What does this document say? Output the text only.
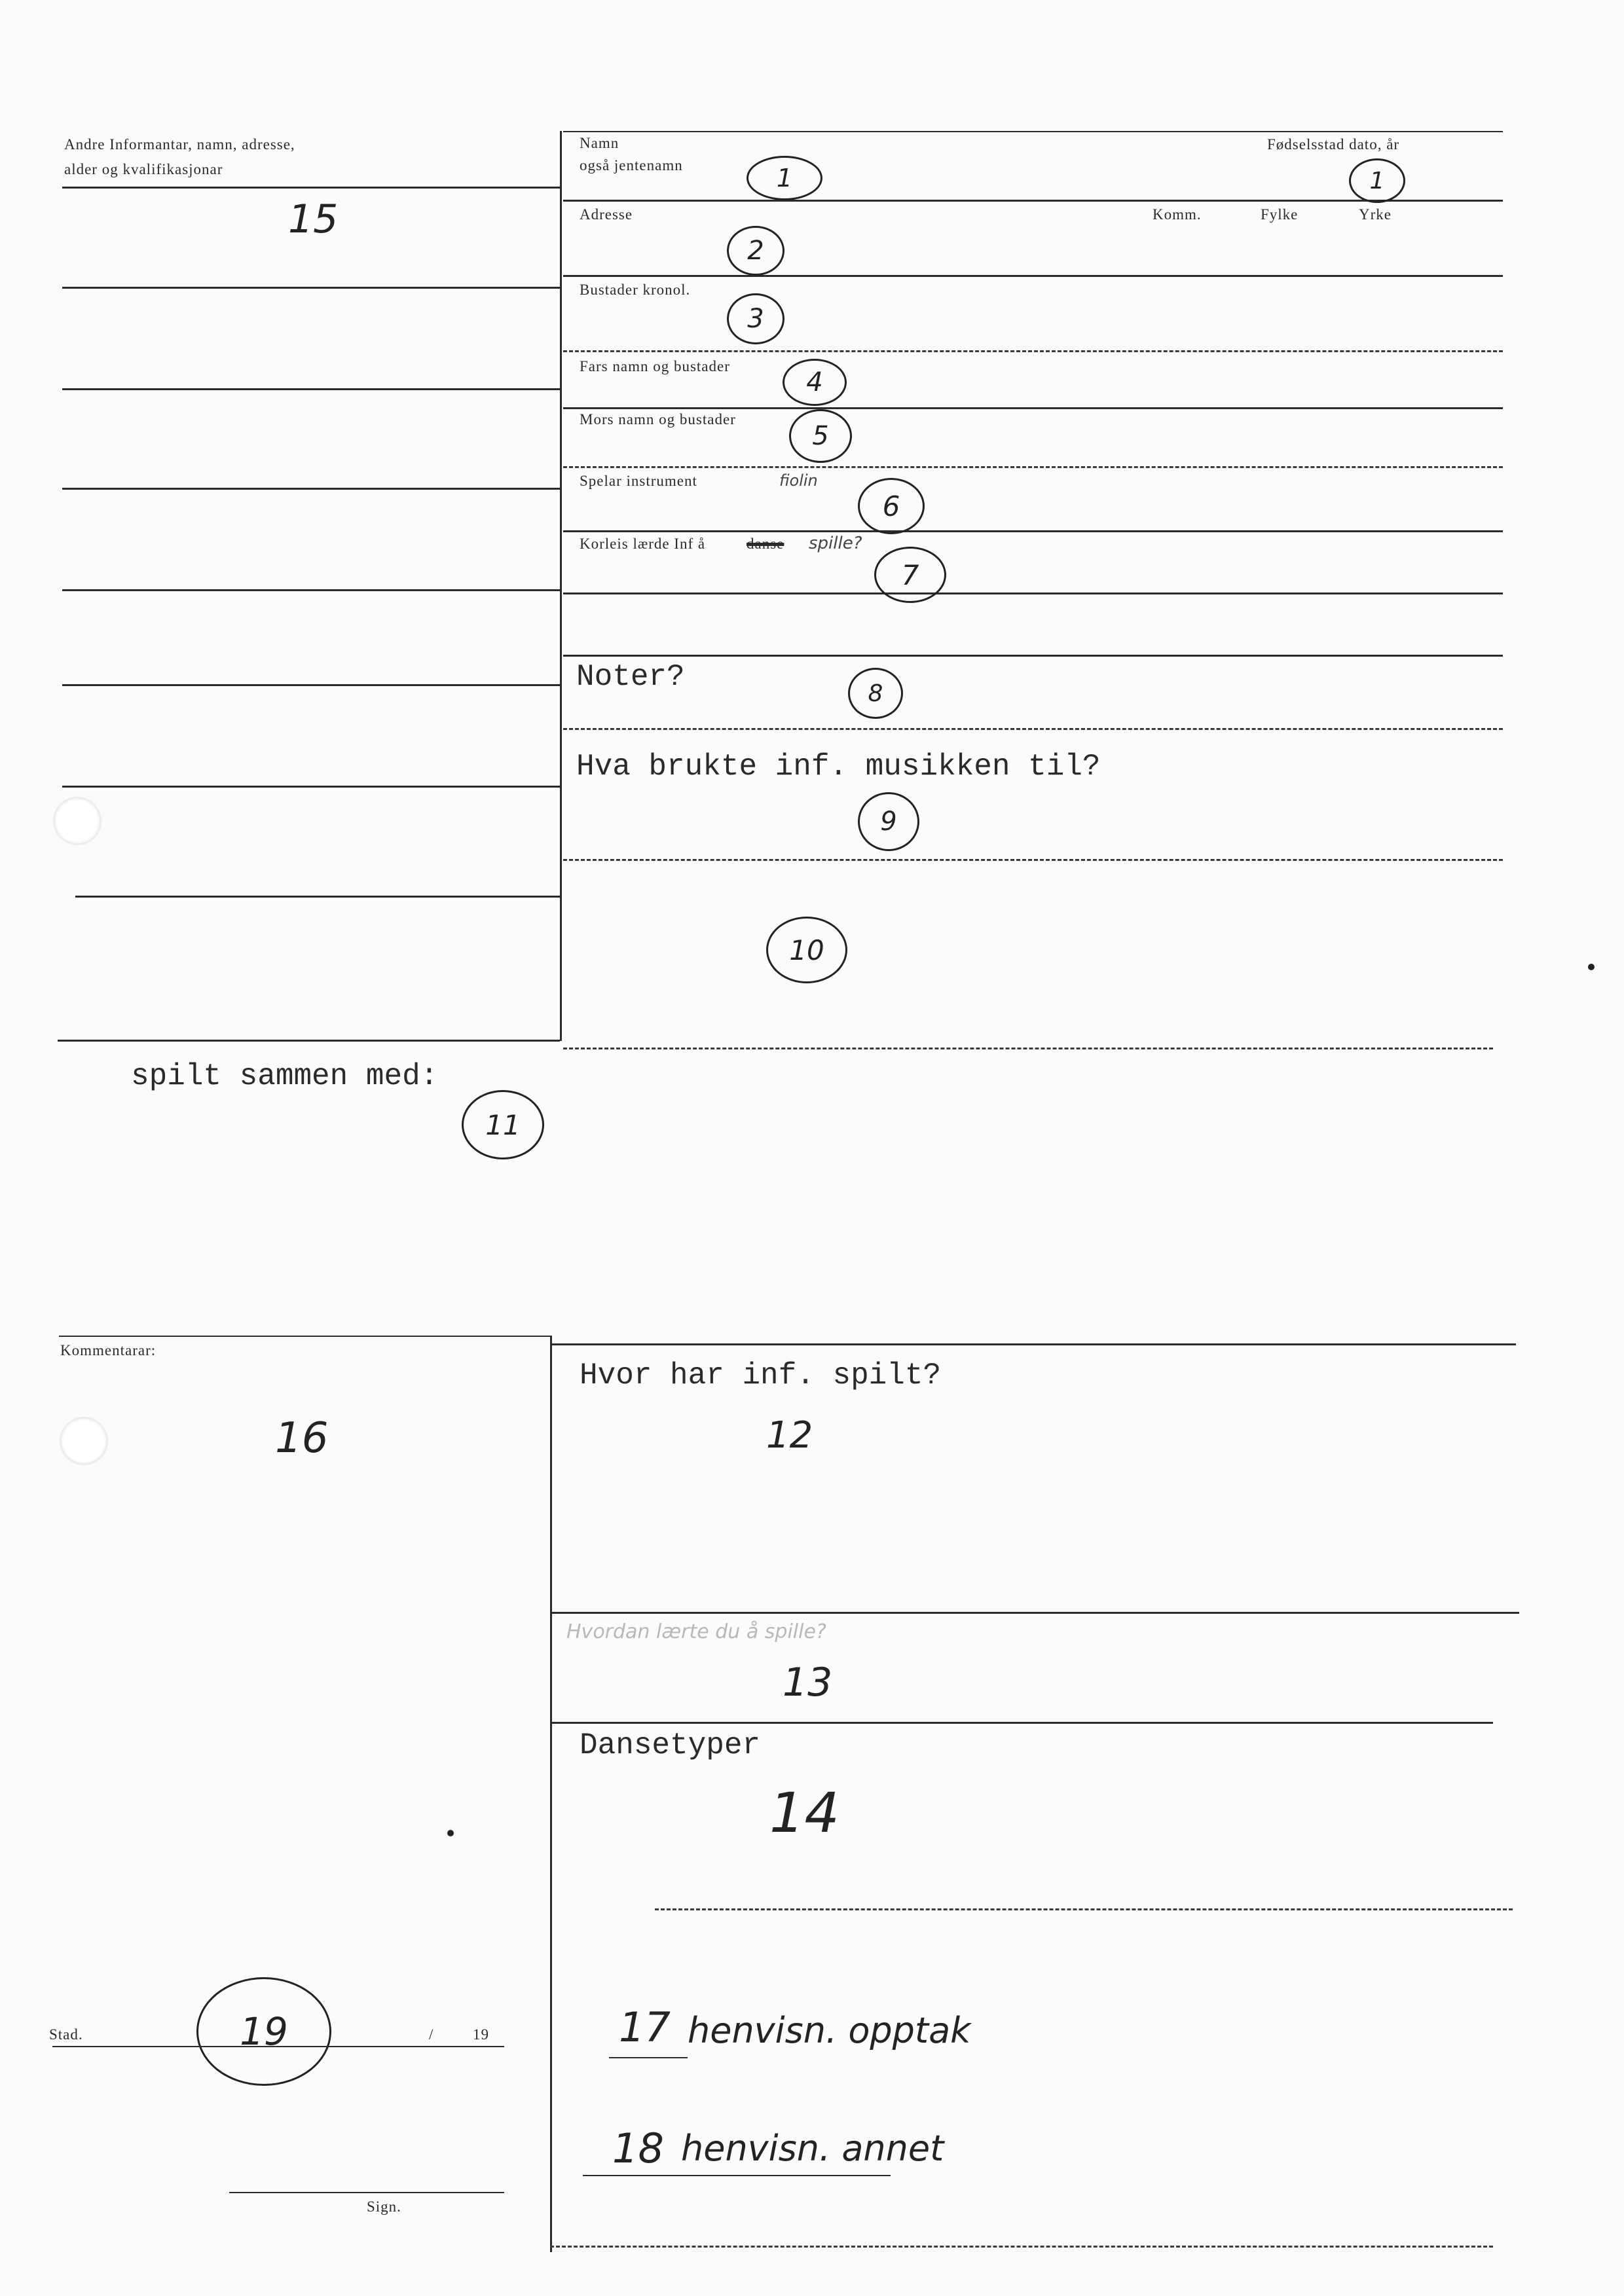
Andre Informantar, namn, adresse,
alder og kvalifikasjonar
15
Namn
også jentenamn
Fødselsstad dato, år
Adresse	Komm.	Fylke	Yrke
Bustader kronol.
Fars namn og bustader
Mors namn og bustader
Spelar instrument	fiolin
Korleis lærde Inf å	danse spille?
Noter?
Hva brukte inf. musikken til?
1	1
2
3
4
5
6
7
8
9
10
spilt sammen med:
11
Kommentarar:
16
Stad.	19	/	19
Sign.
Hvor har inf. spilt?
12
Hvordan lærte du å spille?
13
Dansetyper
14
17 henvisn. opptak
18 henvisn. annet
